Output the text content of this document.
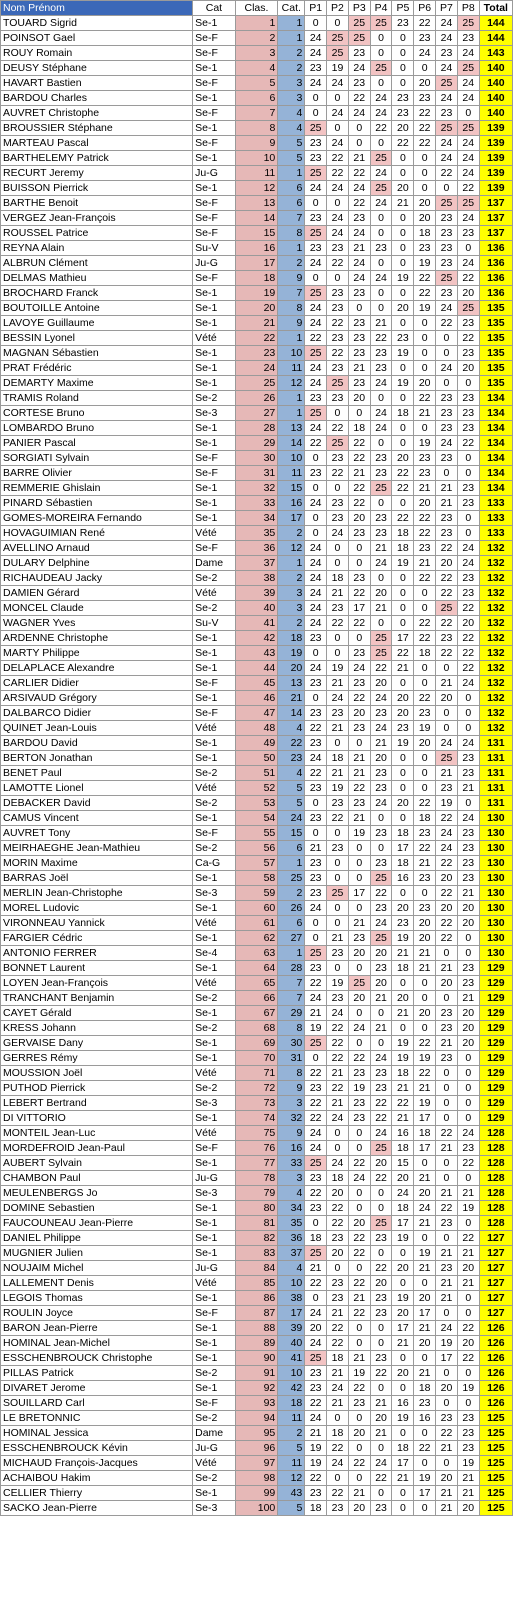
Nom Prénom	Cat	Clas.	Cat.	P1	P2	P3	P4	P5	P6	P7	P8	Total
TOUARD Sigrid	Se-1	1	1	0	0	25	25	23	22	24	25	144
POINSOT Gael	Se-F	2	1	24	25	25	0	0	23	24	23	144
ROUY Romain	Se-F	3	2	24	25	23	0	0	24	23	24	143
DEUSY Stéphane	Se-1	4	2	23	19	24	25	0	0	24	25	140
HAVART Bastien	Se-F	5	3	24	24	23	0	0	20	25	24	140
BARDOU Charles	Se-1	6	3	0	0	22	24	23	23	24	24	140
AUVRET Christophe	Se-F	7	4	0	24	24	24	23	22	23	0	140
BROUSSIER Stéphane	Se-1	8	4	25	0	0	22	20	22	25	25	139
MARTEAU Pascal	Se-F	9	5	23	24	0	0	22	22	24	24	139
BARTHELEMY Patrick	Se-1	10	5	23	22	21	25	0	0	24	24	139
RECURT Jeremy	Ju-G	11	1	25	22	22	24	0	0	22	24	139
BUISSON Pierrick	Se-1	12	6	24	24	24	25	20	0	0	22	139
BARTHE Benoit	Se-F	13	6	0	0	22	24	21	20	25	25	137
VERGEZ Jean-François	Se-F	14	7	23	24	23	0	0	20	23	24	137
ROUSSEL Patrice	Se-F	15	8	25	24	24	0	0	18	23	23	137
REYNA Alain	Su-V	16	1	23	23	21	23	0	23	23	0	136
ALBRUN Clément	Ju-G	17	2	24	22	24	0	0	19	23	24	136
DELMAS Mathieu	Se-F	18	9	0	0	24	24	19	22	25	22	136
BROCHARD Franck	Se-1	19	7	25	23	23	0	0	22	23	20	136
BOUTOILLE Antoine	Se-1	20	8	24	23	0	0	20	19	24	25	135
LAVOYE Guillaume	Se-1	21	9	24	22	23	21	0	0	22	23	135
BESSIN Lyonel	Vété	22	1	22	23	23	22	23	0	0	22	135
MAGNAN Sébastien	Se-1	23	10	25	22	23	23	19	0	0	23	135
PRAT Frédéric	Se-1	24	11	24	23	21	23	0	0	24	20	135
DEMARTY Maxime	Se-1	25	12	24	25	23	24	19	20	0	0	135
TRAMIS Roland	Se-2	26	1	23	23	20	0	0	22	23	23	134
CORTESE Bruno	Se-3	27	1	25	0	0	24	18	21	23	23	134
LOMBARDO Bruno	Se-1	28	13	24	22	18	24	0	0	23	23	134
PANIER Pascal	Se-1	29	14	22	25	22	0	0	19	24	22	134
SORGIATI Sylvain	Se-F	30	10	0	23	22	23	20	23	23	0	134
BARRE Olivier	Se-F	31	11	23	22	21	23	22	23	0	0	134
REMMERIE Ghislain	Se-1	32	15	0	0	22	25	22	21	21	23	134
PINARD Sébastien	Se-1	33	16	24	23	22	0	0	20	21	23	133
GOMES-MOREIRA Fernando	Se-1	34	17	0	23	20	23	22	22	23	0	133
HOVAGUIMIAN René	Vété	35	2	0	24	23	23	18	22	23	0	133
AVELLINO Arnaud	Se-F	36	12	24	0	0	21	18	23	22	24	132
DULARY Delphine	Dame	37	1	24	0	0	24	19	21	20	24	132
RICHAUDEAU Jacky	Se-2	38	2	24	18	23	0	0	22	22	23	132
DAMIEN Gérard	Vété	39	3	24	21	22	20	0	0	22	23	132
MONCEL Claude	Se-2	40	3	24	23	17	21	0	0	25	22	132
WAGNER Yves	Su-V	41	2	24	22	22	0	0	22	22	20	132
ARDENNE Christophe	Se-1	42	18	23	0	0	25	17	22	23	22	132
MARTY Philippe	Se-1	43	19	0	0	23	25	22	18	22	22	132
DELAPLACE Alexandre	Se-1	44	20	24	19	24	22	21	0	0	22	132
CARLIER Didier	Se-F	45	13	23	21	23	20	0	0	21	24	132
ARSIVAUD Grégory	Se-1	46	21	0	24	22	24	20	22	20	0	132
DALBARCO Didier	Se-F	47	14	23	23	20	23	20	23	0	0	132
QUINET Jean-Louis	Vété	48	4	22	21	23	24	23	19	0	0	132
BARDOU David	Se-1	49	22	23	0	0	21	19	20	24	24	131
BERTON Jonathan	Se-1	50	23	24	18	21	20	0	0	25	23	131
BENET Paul	Se-2	51	4	22	21	21	23	0	0	21	23	131
LAMOTTE Lionel	Vété	52	5	23	19	22	23	0	0	23	21	131
DEBACKER David	Se-2	53	5	0	23	23	24	20	22	19	0	131
CAMUS Vincent	Se-1	54	24	23	22	21	0	0	18	22	24	130
AUVRET Tony	Se-F	55	15	0	0	19	23	18	23	24	23	130
MEIRHAEGHE Jean-Mathieu	Se-2	56	6	21	23	0	0	17	22	24	23	130
MORIN Maxime	Ca-G	57	1	23	0	0	23	18	21	22	23	130
BARRAS Joël	Se-1	58	25	23	0	0	25	16	23	20	23	130
MERLIN Jean-Christophe	Se-3	59	2	23	25	17	22	0	0	22	21	130
MOREL Ludovic	Se-1	60	26	24	0	0	23	20	23	20	20	130
VIRONNEAU Yannick	Vété	61	6	0	0	21	24	23	20	22	20	130
FARGIER Cédric	Se-1	62	27	0	21	23	25	19	20	22	0	130
ANTONIO FERRER	Se-4	63	1	25	23	20	20	21	21	0	0	130
BONNET Laurent	Se-1	64	28	23	0	0	23	18	21	21	23	129
LOYEN Jean-François	Vété	65	7	22	19	25	20	0	0	20	23	129
TRANCHANT Benjamin	Se-2	66	7	24	23	20	21	20	0	0	21	129
CAYET Gérald	Se-1	67	29	21	24	0	0	21	20	23	20	129
KRESS Johann	Se-2	68	8	19	22	24	21	0	0	23	20	129
GERVAISE Dany	Se-1	69	30	25	22	0	0	19	22	21	20	129
GERRES Rémy	Se-1	70	31	0	22	22	24	19	19	23	0	129
MOUSSION Joël	Vété	71	8	22	21	23	23	18	22	0	0	129
PUTHOD Pierrick	Se-2	72	9	23	22	19	23	21	21	0	0	129
LEBERT Bertrand	Se-3	73	3	22	21	23	22	22	19	0	0	129
DI VITTORIO	Se-1	74	32	22	24	23	22	21	17	0	0	129
MONTEIL Jean-Luc	Vété	75	9	24	0	0	24	16	18	22	24	128
MORDEFROID Jean-Paul	Se-F	76	16	24	0	0	25	18	17	21	23	128
AUBERT Sylvain	Se-1	77	33	25	24	22	20	15	0	0	22	128
CHAMBON Paul	Ju-G	78	3	23	18	24	22	20	21	0	0	128
MEULENBERGS Jo	Se-3	79	4	22	20	0	0	24	20	21	21	128
DOMINE Sebastien	Se-1	80	34	23	22	0	0	18	24	22	19	128
FAUCOUNEAU Jean-Pierre	Se-1	81	35	0	22	20	25	17	21	23	0	128
DANIEL Philippe	Se-1	82	36	18	23	22	23	19	0	0	22	127
MUGNIER Julien	Se-1	83	37	25	20	22	0	0	19	21	21	127
NOUJAIM Michel	Ju-G	84	4	21	0	0	22	20	21	23	20	127
LALLEMENT Denis	Vété	85	10	22	23	22	20	0	0	21	21	127
LEGOIS Thomas	Se-1	86	38	0	23	21	23	19	20	21	0	127
ROULIN Joyce	Se-F	87	17	24	21	22	23	20	17	0	0	127
BARON Jean-Pierre	Se-1	88	39	20	22	0	0	17	21	24	22	126
HOMINAL Jean-Michel	Se-1	89	40	24	22	0	0	21	20	19	20	126
ESSCHENBROUCK Christophe	Se-1	90	41	25	18	21	23	0	0	17	22	126
PILLAS Patrick	Se-2	91	10	23	21	19	22	20	21	0	0	126
DIVARET Jerome	Se-1	92	42	23	24	22	0	0	18	20	19	126
SOUILLARD Carl	Se-F	93	18	22	21	23	21	16	23	0	0	126
LE BRETONNIC	Se-2	94	11	24	0	0	20	19	16	23	23	125
HOMINAL Jessica	Dame	95	2	21	18	20	21	0	0	22	23	125
ESSCHENBROUCK Kévin	Ju-G	96	5	19	22	0	0	18	22	21	23	125
MICHAUD François-Jacques	Vété	97	11	19	24	22	24	17	0	0	19	125
ACHAIBOU Hakim	Se-2	98	12	22	0	0	22	21	19	20	21	125
CELLIER Thierry	Se-1	99	43	23	22	21	0	0	17	21	21	125
SACKO Jean-Pierre	Se-3	100	5	18	23	20	23	0	0	21	20	125
